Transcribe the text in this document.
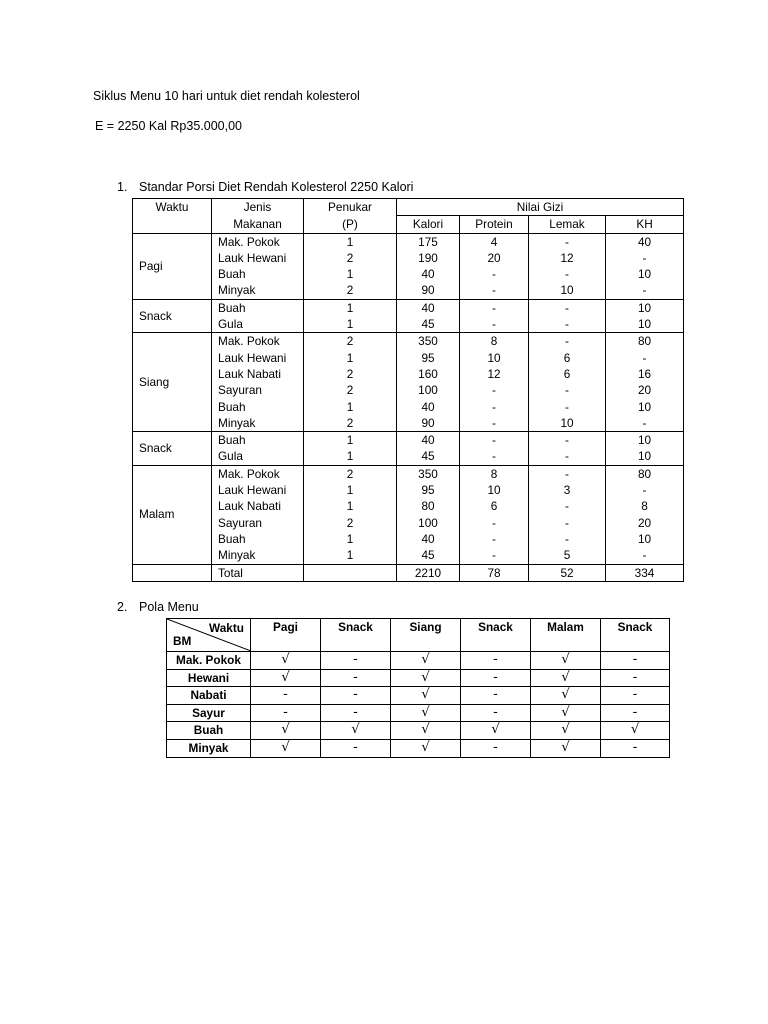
Siklus Menu 10 hari untuk diet rendah kolesterol
E = 2250 Kal Rp35.000,00
1. Standar Porsi Diet Rendah Kolesterol 2250 Kalori
Waktu	Jenis	Penukar	Nilai Gizi			
	Makanan	(P)	Kalori	Protein	Lemak	KH
Pagi	Mak. Pokok	1	175	4	-	40
	Lauk Hewani	2	190	20	12	-
	Buah	1	40	-	-	10
	Minyak	2	90	-	10	-
Snack	Buah	1	40	-	-	10
	Gula	1	45	-	-	10
Siang	Mak. Pokok	2	350	8	-	80
	Lauk Hewani	1	95	10	6	-
	Lauk Nabati	2	160	12	6	16
	Sayuran	2	100	-	-	20
	Buah	1	40	-	-	10
	Minyak	2	90	-	10	-
Snack	Buah	1	40	-	-	10
	Gula	1	45	-	-	10
Malam	Mak. Pokok	2	350	8	-	80
	Lauk Hewani	1	95	10	3	-
	Lauk Nabati	1	80	6	-	8
	Sayuran	2	100	-	-	20
	Buah	1	40	-	-	10
	Minyak	1	45	-	5	-
	Total		2210	78	52	334
2. Pola Menu
Waktu
BM	Pagi	Snack	Siang	Snack	Malam	Snack
Mak. Pokok	√	-	√	-	√	-
Hewani	√	-	√	-	√	-
Nabati	-	-	√	-	√	-
Sayur	-	-	√	-	√	-
Buah	√	√	√	√	√	√
Minyak	√	-	√	-	√	-
